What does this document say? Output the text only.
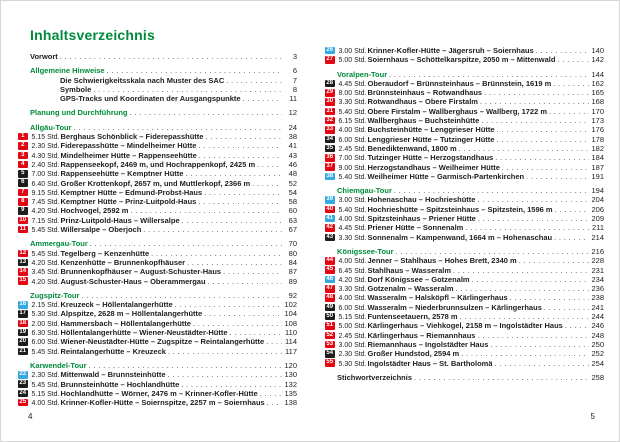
Inhaltsverzeichnis
Vorwort . . .	3
Allgemeine Hinweise . . .	6
Die Schwierigkeitsskala nach Muster des SAC . . .	7
Symbole . . .	8
GPS-Tracks und Koordinaten der Ausgangspunkte . . .	11
Planung und Durchführung . . .	12
Allgäu-Tour . . .	24
1	5.15 Std. Berghaus Schönblick – Fiderepasshütte . . .	38
2	2.30 Std. Fiderepasshütte – Mindelheimer Hütte . . .	41
3	4.30 Std. Mindelheimer Hütte – Rappenseehütte . . .	43
4	2.40 Std. Rappenseekopf, 2469 m, und Hochrappenkopf, 2425 m . . .	46
5	7.00 Std. Rappenseehütte – Kemptner Hütte . . .	48
6	6.40 Std. Großer Krottenkopf, 2657 m, und Muttlerkopf, 2366 m . . .	52
7	9.15 Std. Kemptner Hütte – Edmund-Probst-Haus . . .	54
8	7.45 Std. Kemptner Hütte – Prinz-Luitpold-Haus . . .	58
9	4.20 Std. Hochvogel, 2592 m . . .	60
10 7.15 Std. Prinz-Luitpold-Haus – Willersalpe . . .	63
11 5.45 Std. Willersalpe – Oberjoch . . .	67
Ammergau-Tour . . .	70
12 5.45 Std. Tegelberg – Kenzenhütte . . .	80
13 4.20 Std. Kenzenhütte – Brunnenkopfhäuser . . .	84
14 3.45 Std. Brunnenkopfhäuser – August-Schuster-Haus . . .	87
15 4.20 Std. August-Schuster-Haus – Oberammergau . . .	89
Zugspitz-Tour . . .	92
16 2.15 Std. Kreuzeck – Höllentalangerhütte . . .	102
17 5.30 Std. Alpspitze, 2628 m – Höllentalangerhütte . . .	104
18 2.00 Std. Hammersbach – Höllentalangerhütte . . .	108
19 6.30 Std. Höllentalangerhütte – Wiener-Neustädter-Hütte . . .	110
20 6.00 Std. Wiener-Neustädter-Hütte – Zugspitze – Reintalangerhütte . . .	114
21 5.45 Std. Reintalangerhütte – Kreuzeck . . .	117
Karwendel-Tour . . .	120
22 2.30 Std. Mittenwald – Brunnsteinhütte . . .	130
23 5.45 Std. Brunnsteinhütte – Hochlandhütte . . .	132
24 5.15 Std. Hochlandhütte – Wörner, 2476 m – Krinner-Kofler-Hütte . . .	135
25 4.00 Std. Krinner-Kofler-Hütte – Soiernspitze, 2257 m – Soiernhaus . . .	138
26 3.00 Std. Krinner-Kofler-Hütte – Jägersruh – Soiernhaus . . .	140
27 5.00 Std. Soiernhaus – Schöttelkarspitze, 2050 m – Mittenwald . . .	142
Voralpen-Tour . . .	144
28 4.45 Std. Oberaudorf – Brünnsteinhaus – Brünnstein, 1619 m . . .	162
29 8.00 Std. Brünnsteinhaus – Rotwandhaus . . .	165
30 3.30 Std. Rotwandhaus – Obere Firstalm . . .	168
31 5.40 Std. Obere Firstalm – Wallberghaus – Wallberg, 1722 m . . .	170
32 6.15 Std. Wallberghaus – Buchsteinhütte . . .	173
33 4.00 Std. Buchsteinhütte – Lenggrieser Hütte . . .	176
34 6.00 Std. Lenggrieser Hütte – Tutzinger Hütte . . .	178
35 2.45 Std. Benediktenwand, 1800 m . . .	182
36 7.00 Std. Tutzinger Hütte – Herzogstandhaus . . .	184
37 9.00 Std. Herzogstandhaus – Weilheimer Hütte . . .	187
38 5.40 Std. Weilheimer Hütte – Garmisch-Partenkirchen . . .	191
Chiemgau-Tour . . .	194
39 3.00 Std. Hohenaschau – Hochrieshütte . . .	204
40 5.40 Std. Hochrieshütte – Spitzsteinhaus – Spitzstein, 1596 m . . .	206
41 4.00 Std. Spitzsteinhaus – Priener Hütte . . .	209
42 4.45 Std. Priener Hütte – Sonnenalm . . .	211
43 3.30 Std. Sonnenalm – Kampenwand, 1664 m – Hohenaschau . . .	214
Königssee-Tour . . .	216
44 4.00 Std. Jenner – Stahlhaus – Hohes Brett, 2340 m . . .	228
45 6.45 Std. Stahlhaus – Wasseralm . . .	231
46 4.20 Std. Dorf Königssee – Gotzenalm . . .	234
47 3.30 Std. Gotzenalm – Wasseralm . . .	236
48 4.00 Std. Wasseralm – Halsköpfl – Kärlingerhaus . . .	238
49 6.00 Std. Wasseralm – Niederbrunnsulzen – Kärlingerhaus . . .	241
50 5.15 Std. Funtenseetauern, 2578 m . . .	244
51 5.00 Std. Kärlingerhaus – Viehkogel, 2158 m – Ingolstädter Haus . . .	246
52 2.45 Std. Kärlingerhaus – Riemannhaus . . .	248
53 3.00 Std. Riemannhaus – Ingolstädter Haus . . .	250
54 2.30 Std. Großer Hundstod, 2594 m . . .	252
55 5.30 Std. Ingolstädter Haus – St. Bartholomä . . .	254
Stichwortverzeichnis . . .	258
4	5
